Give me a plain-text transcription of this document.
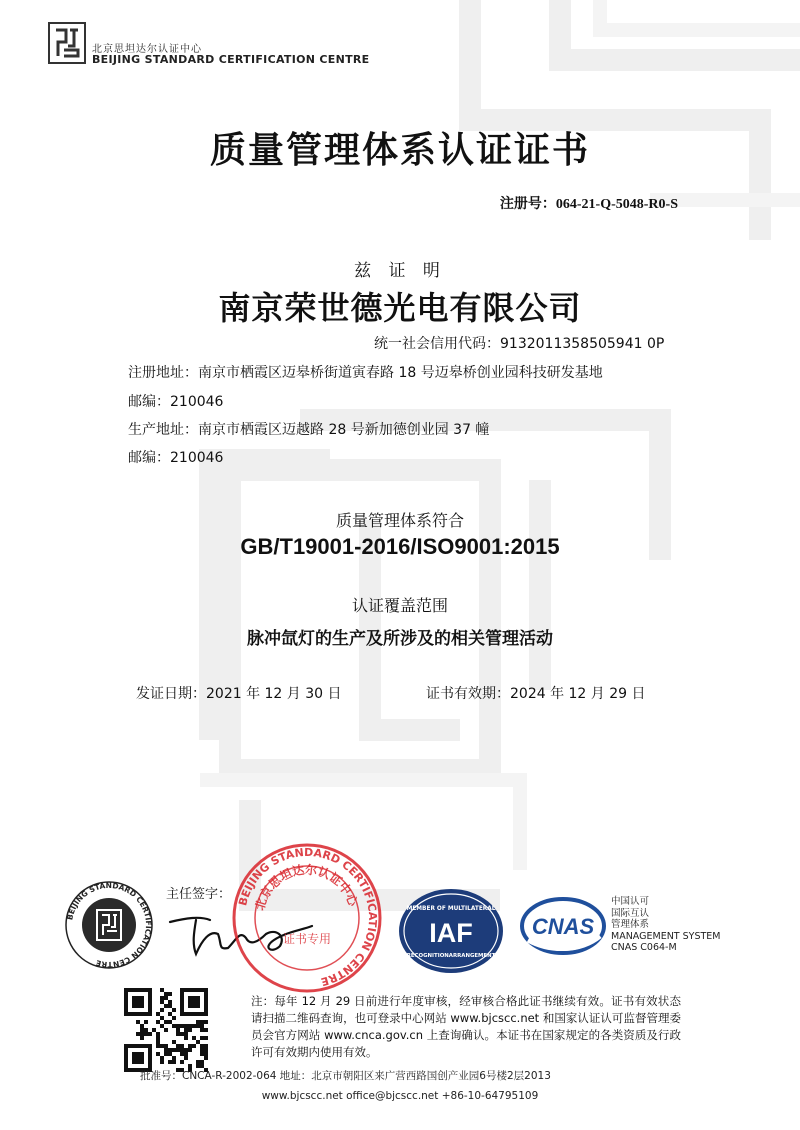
北京思坦达尔认证中心
BEIJING STANDARD CERTIFICATION CENTRE
质量管理体系认证证书
注册号：064-21-Q-5048-R0-S
兹 证 明
南京荣世德光电有限公司
统一社会信用代码：9132011358505941 0P
注册地址：南京市栖霞区迈皋桥街道寅春路 18 号迈皋桥创业园科技研发基地
邮编：210046
生产地址：南京市栖霞区迈越路 28 号新加德创业园 37 幢
邮编：210046
质量管理体系符合
GB/T19001-2016/ISO9001:2015
认证覆盖范围
脉冲氙灯的生产及所涉及的相关管理活动
发证日期：2021 年 12 月 30 日	证书有效期：2024 年 12 月 29 日
BEIJING STANDARD CERTIFICATION CENTRE
主任签字： BEIJING STANDARD CERTIFICATION CENTRE
北京思坦达尔认证中心
证书专用
MEMBER OF MULTILATERAL
IAF
RECOGNITIONARRANGEMENT
CNAS
中国认可
国际互认
管理体系
MANAGEMENT SYSTEM
CNAS C064-M
注：每年 12 月 29 日前进行年度审核，经审核合格此证书继续有效。证书有效状态请扫描二维码查询，也可登录中心网站 www.bjcscc.net 和国家认证认可监督管理委员会官方网站 www.cnca.gov.cn 上查询确认。本证书在国家规定的各类资质及行政许可有效期内使用有效。
批准号：CNCA-R-2002-064 地址：北京市朝阳区来广营西路国创产业园6号楼2层2013
www.bjcscc.net office@bjcscc.net +86-10-64795109
